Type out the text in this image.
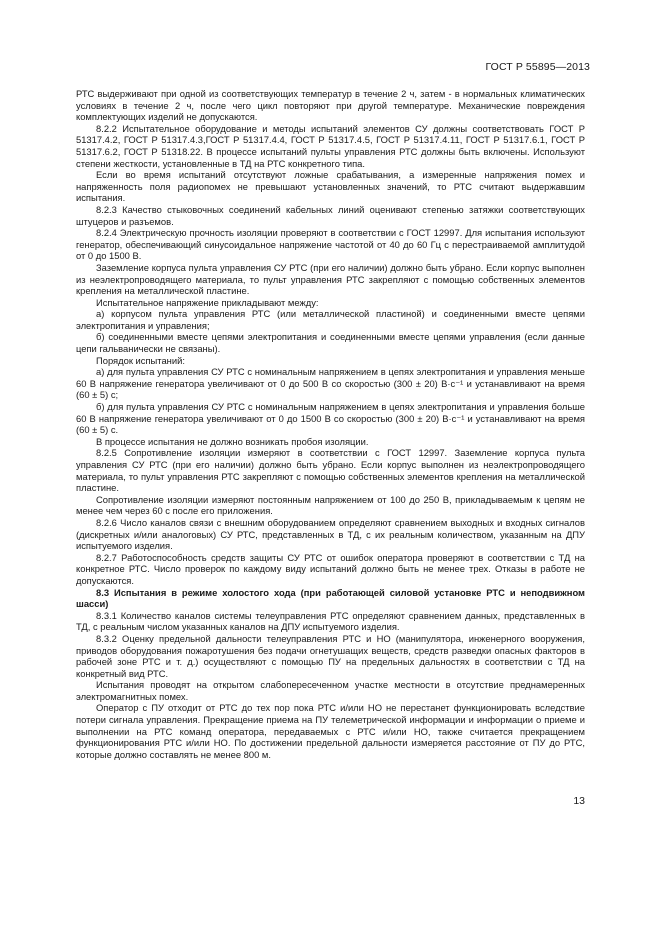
ГОСТ Р 55895—2013

РТС выдерживают при одной из соответствующих температур в течение 2 ч, затем - в нормальных климатических условиях в течение 2 ч, после чего цикл повторяют при другой температуре. Механические повреждения комплектующих изделий не допускаются.

8.2.2 Испытательное оборудование и методы испытаний элементов СУ должны соответствовать ГОСТ Р 51317.4.2, ГОСТ Р 51317.4.3,ГОСТ Р 51317.4.4, ГОСТ Р 51317.4.5, ГОСТ Р 51317.4.11, ГОСТ Р 51317.6.1, ГОСТ Р 51317.6.2, ГОСТ Р 51318.22. В процессе испытаний пульты управления РТС должны быть включены. Используют степени жесткости, установленные в ТД на РТС конкретного типа.

Если во время испытаний отсутствуют ложные срабатывания, а измеренные напряжения помех и напряженность поля радиопомех не превышают установленных значений, то РТС считают выдержавшим испытания.

8.2.3 Качество стыковочных соединений кабельных линий оценивают степенью затяжки соответствующих штуцеров и разъемов.

8.2.4 Электрическую прочность изоляции проверяют в соответствии с ГОСТ 12997. Для испытания используют генератор, обеспечивающий синусоидальное напряжение частотой от 40 до 60 Гц с перестраиваемой амплитудой от 0 до 1500 В.

Заземление корпуса пульта управления СУ РТС (при его наличии) должно быть убрано. Если корпус выполнен из неэлектропроводящего материала, то пульт управления РТС закрепляют с помощью собственных элементов крепления на металлической пластине.

Испытательное напряжение прикладывают между:

а) корпусом пульта управления РТС (или металлической пластиной) и соединенными вместе цепями электропитания и управления;

б) соединенными вместе цепями электропитания и соединенными вместе цепями управления (если данные цепи гальванически не связаны).

Порядок испытаний:

а) для пульта управления СУ РТС с номинальным напряжением в цепях электропитания и управления меньше 60 В напряжение генератора увеличивают от 0 до 500 В со скоростью (300 ± 20) В·с⁻¹ и устанавливают на время (60 ± 5) с;

б) для пульта управления СУ РТС с номинальным напряжением в цепях электропитания и управления больше 60 В напряжение генератора увеличивают от 0 до 1500 В со скоростью (300 ± 20) В·с⁻¹ и устанавливают на время (60 ± 5) с.

В процессе испытания не должно возникать пробоя изоляции.

8.2.5 Сопротивление изоляции измеряют в соответствии с ГОСТ 12997. Заземление корпуса пульта управления СУ РТС (при его наличии) должно быть убрано. Если корпус выполнен из неэлектропроводящего материала, то пульт управления РТС закрепляют с помощью собственных элементов крепления на металлической пластине.

Сопротивление изоляции измеряют постоянным напряжением от 100 до 250 В, прикладываемым к цепям не менее чем через 60 с после его приложения.

8.2.6 Число каналов связи с внешним оборудованием определяют сравнением выходных и входных сигналов (дискретных и/или аналоговых) СУ РТС, представленных в ТД, с их реальным количеством, указанным на ДПУ испытуемого изделия.

8.2.7 Работоспособность средств защиты СУ РТС от ошибок оператора проверяют в соответствии с ТД на конкретное РТС. Число проверок по каждому виду испытаний должно быть не менее трех. Отказы в работе не допускаются.

8.3 Испытания в режиме холостого хода (при работающей силовой установке РТС и неподвижном шасси)

8.3.1 Количество каналов системы телеуправления РТС определяют сравнением данных, представленных в ТД, с реальным числом указанных каналов на ДПУ испытуемого изделия.

8.3.2 Оценку предельной дальности телеуправления РТС и НО (манипулятора, инженерного вооружения, приводов оборудования пожаротушения без подачи огнетушащих веществ, средств разведки опасных факторов в рабочей зоне РТС и т. д.) осуществляют с помощью ПУ на предельных дальностях в соответствии с ТД на конкретный вид РТС.

Испытания проводят на открытом слабопересеченном участке местности в отсутствие преднамеренных электромагнитных помех.

Оператор с ПУ отходит от РТС до тех пор пока РТС и/или НО не перестанет функционировать вследствие потери сигнала управления. Прекращение приема на ПУ телеметрической информации и информации о приеме и выполнении на РТС команд оператора, передаваемых с РТС и/или НО, также считается прекращением функционирования РТС и/или НО. По достижении предельной дальности измеряется расстояние от ПУ до РТС, которые должно составлять не менее 800 м.

13
